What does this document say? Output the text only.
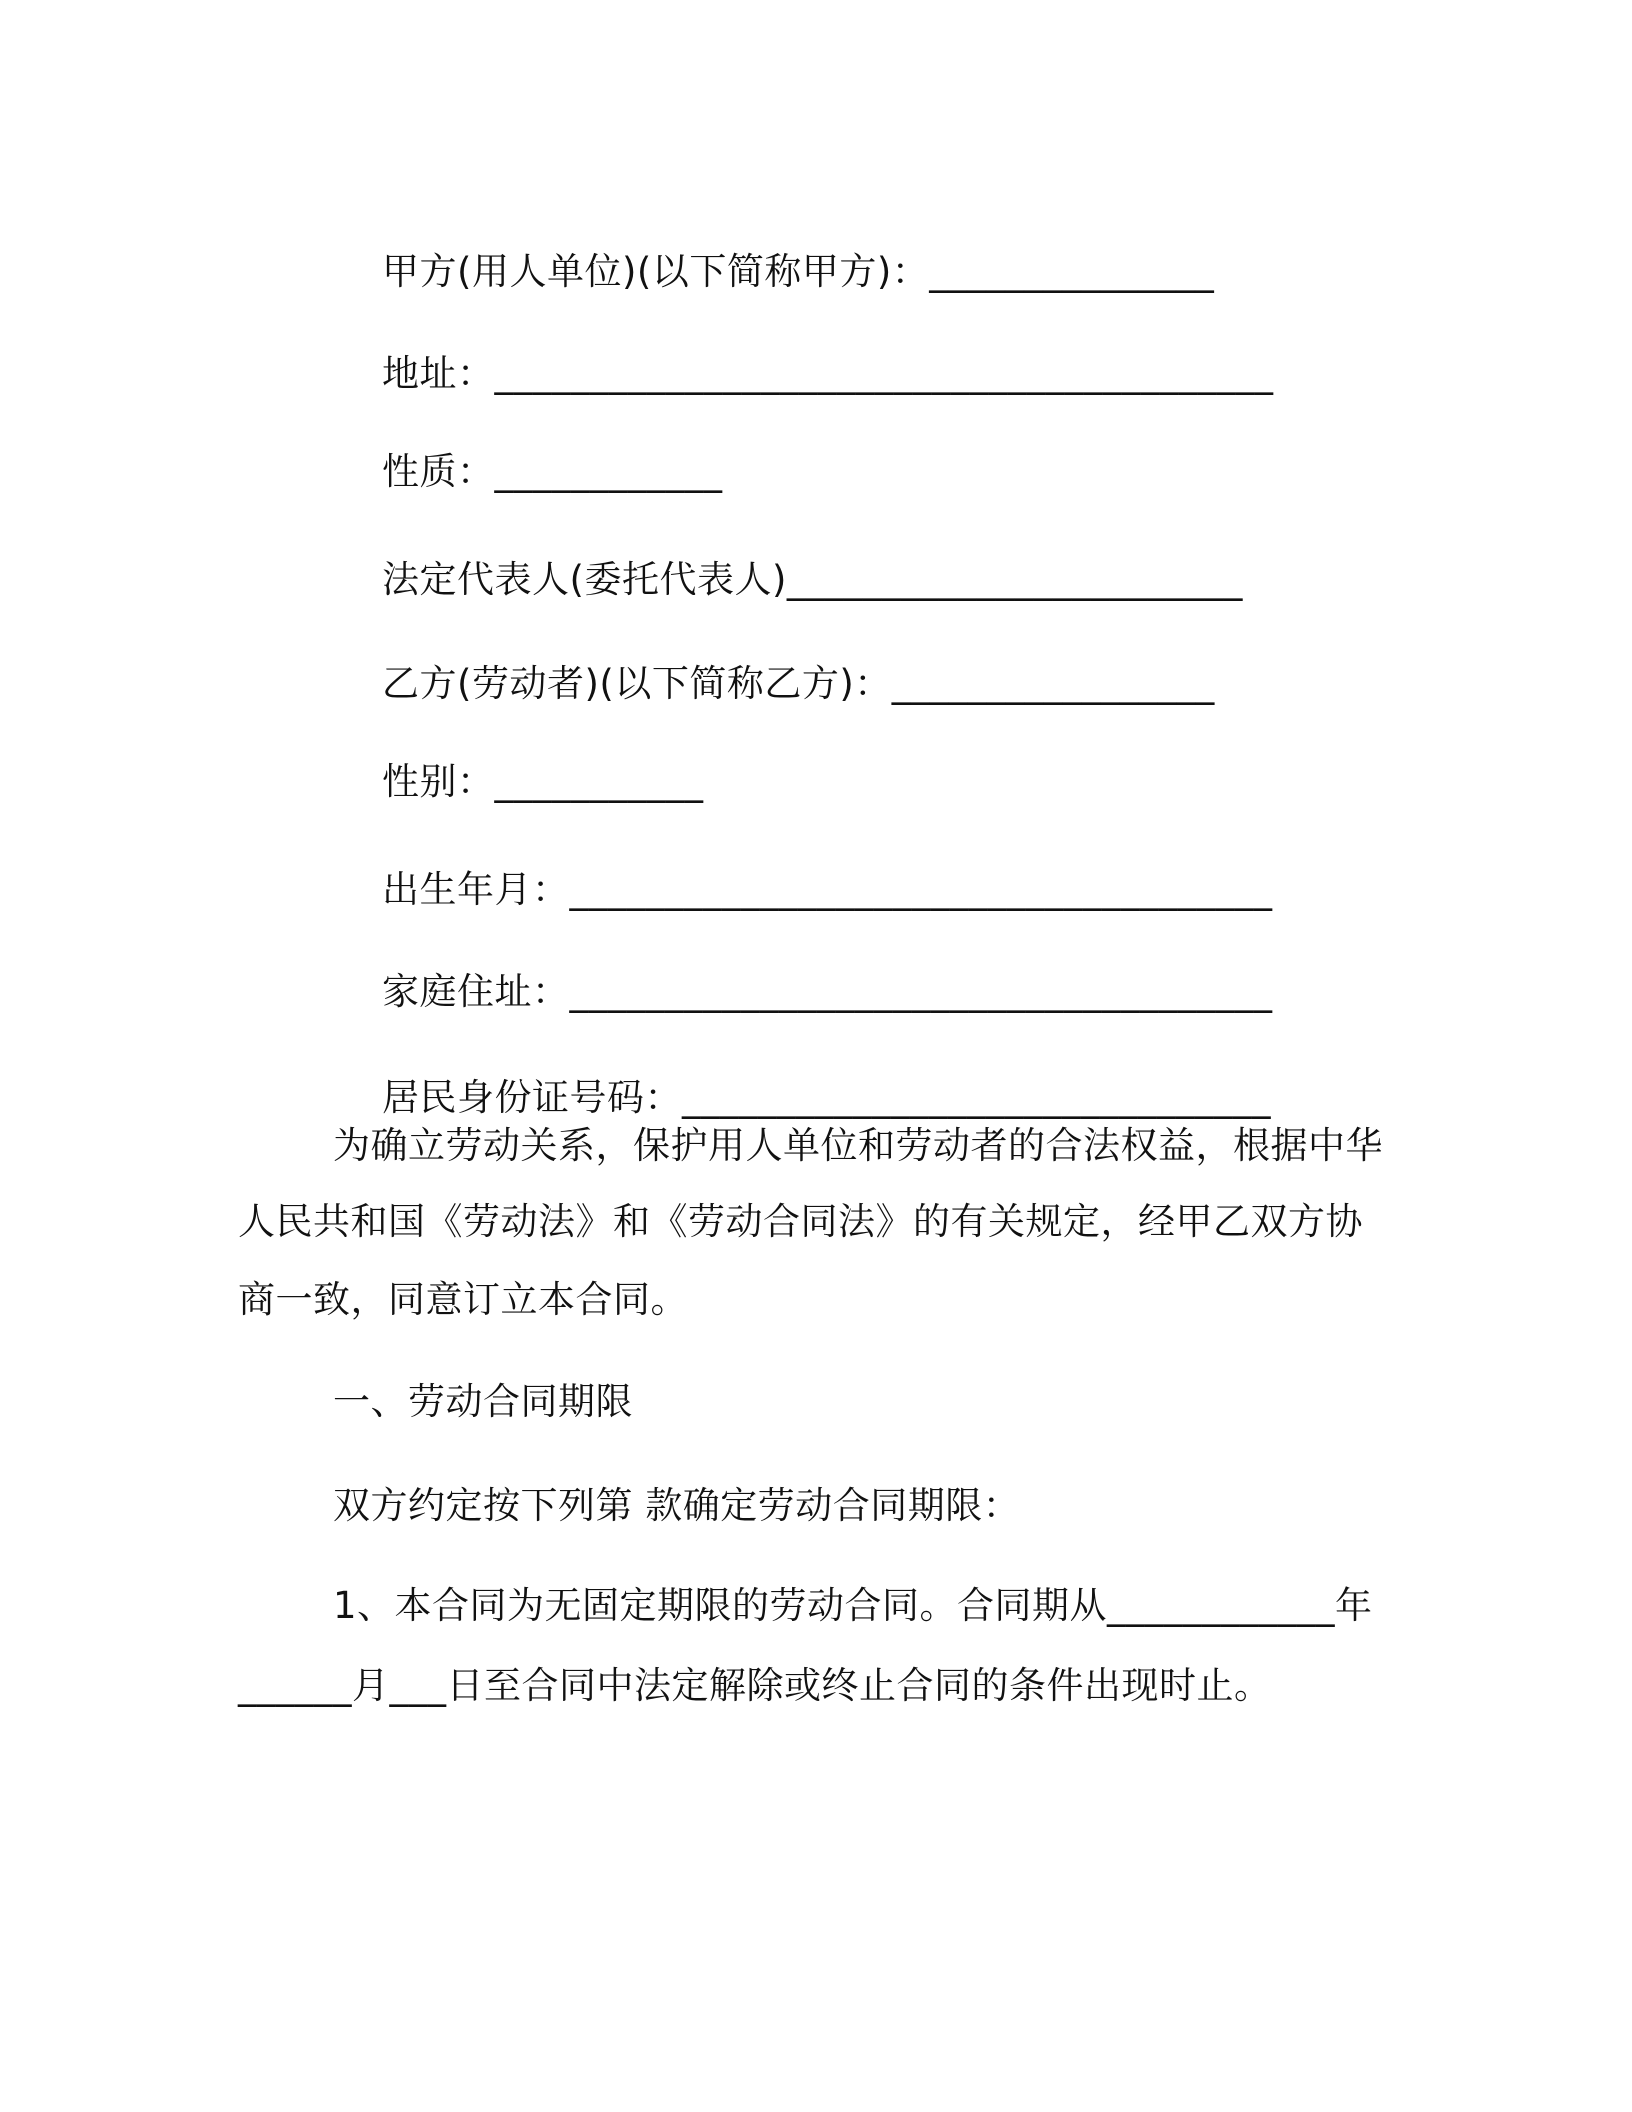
甲方(用人单位)(以下简称甲方)：_______________

地址：_________________________________________

性质：____________

法定代表人(委托代表人)________________________

乙方(劳动者)(以下简称乙方)：_________________

性别：___________

出生年月：_____________________________________

家庭住址：_____________________________________

居民身份证号码：_______________________________

为确立劳动关系，保护用人单位和劳动者的合法权益，根据中华
人民共和国《劳动法》和《劳动合同法》的有关规定，经甲乙双方协
商一致，同意订立本合同。
一、劳动合同期限
双方约定按下列第 款确定劳动合同期限：
1、本合同为无固定期限的劳动合同。合同期从____________年
______月___日至合同中法定解除或终止合同的条件出现时止。
